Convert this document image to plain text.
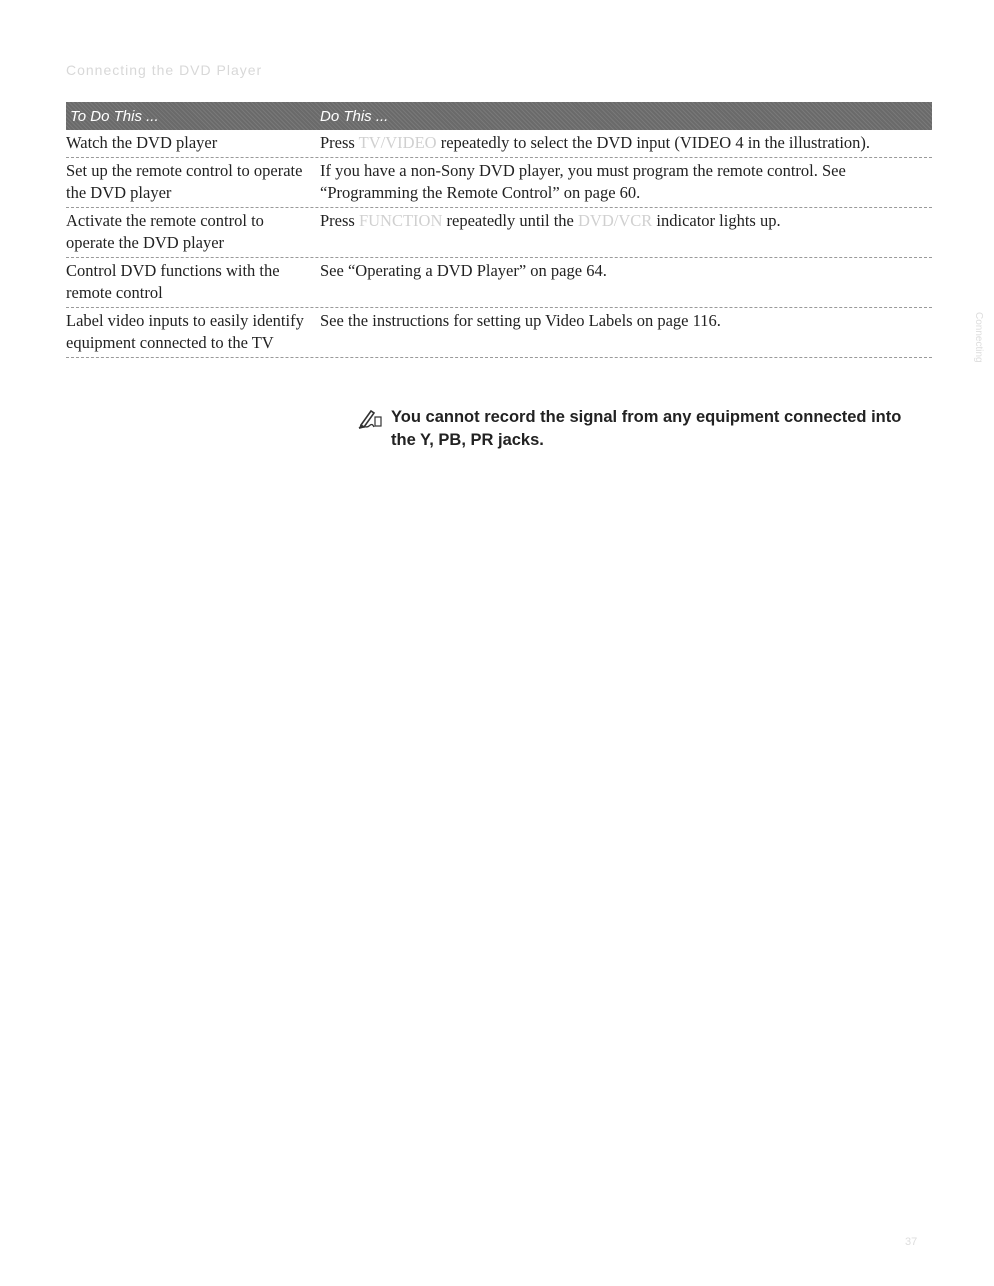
Connecting the DVD Player
To Do This ...	Do This ...
Watch the DVD player	Press TV/VIDEO repeatedly to select the DVD input (VIDEO 4 in the illustration).
Set up the remote control to operate the DVD player
If you have a non-Sony DVD player, you must program the remote control. See “Programming the Remote Control” on page 60.
Activate the remote control to operate the DVD player
Press FUNCTION repeatedly until the DVD/VCR indicator lights up.
Control DVD functions with the remote control
See “Operating a DVD Player” on page 64.
Label video inputs to easily identify equipment connected to the TV
See the instructions for setting up Video Labels on page 116.
You cannot record the signal from any equipment connected into the Y, PB, PR jacks.
Connecting
37
